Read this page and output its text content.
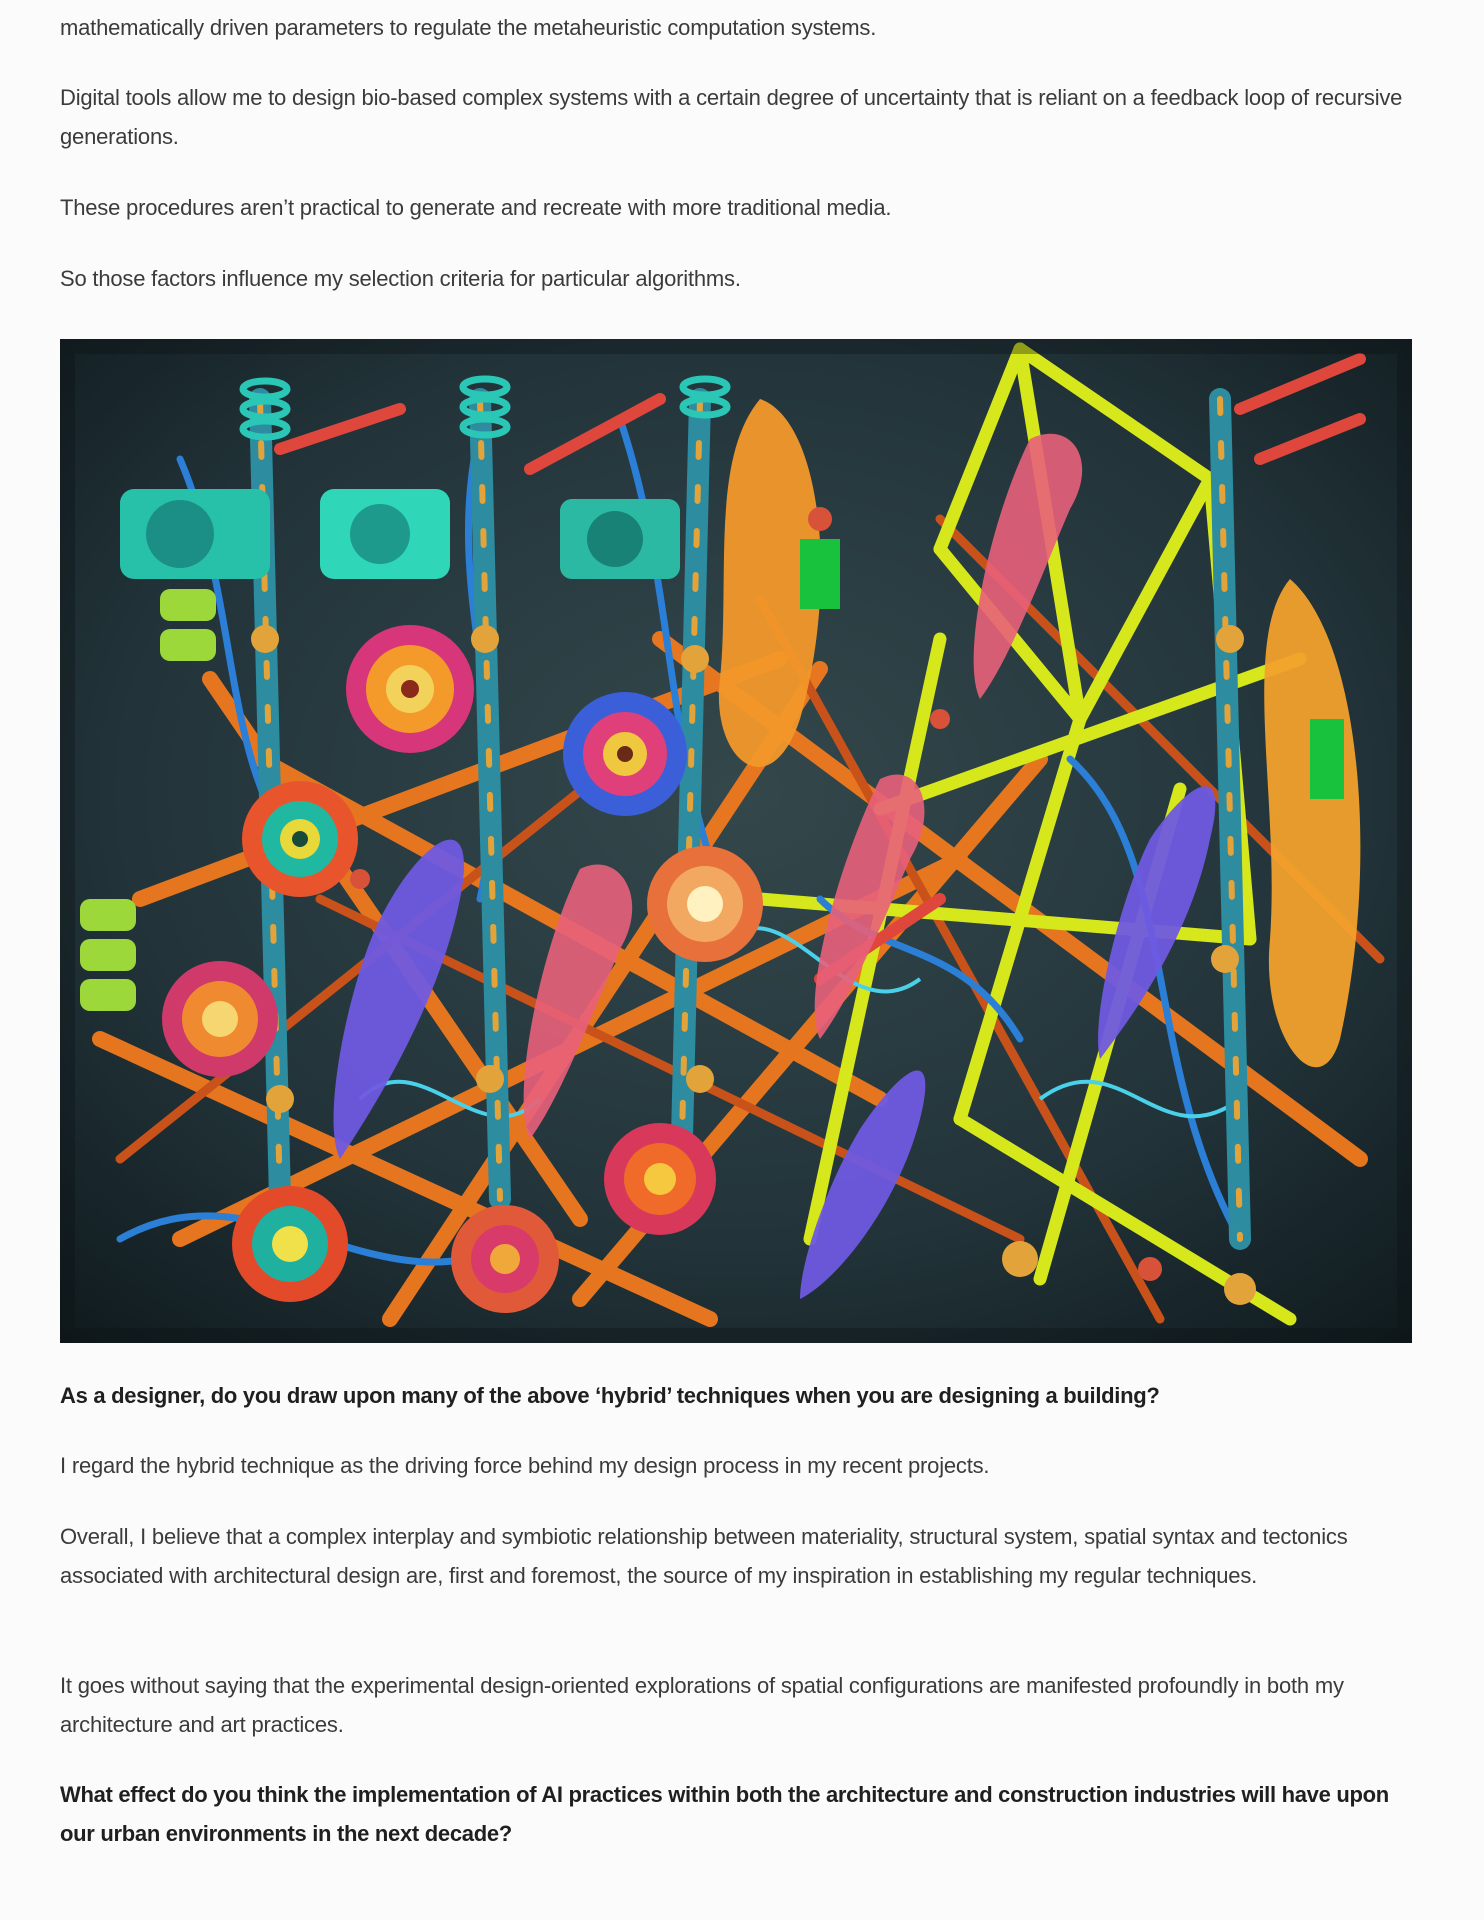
mathematically driven parameters to regulate the metaheuristic computation systems.

Digital tools allow me to design bio-based complex systems with a certain degree of uncertainty that is reliant on a feedback loop of recursive generations.

These procedures aren’t practical to generate and recreate with more traditional media.

So those factors influence my selection criteria for particular algorithms.

As a designer, do you draw upon many of the above ‘hybrid’ techniques when you are designing a building?

I regard the hybrid technique as the driving force behind my design process in my recent projects.

Overall, I believe that a complex interplay and symbiotic relationship between materiality, structural system, spatial syntax and tectonics associated with architectural design are, first and foremost, the source of my inspiration in establishing my regular techniques.

It goes without saying that the experimental design-oriented explorations of spatial configurations are manifested profoundly in both my architecture and art practices.

What effect do you think the implementation of AI practices within both the architecture and construction industries will have upon our urban environments in the next decade?
